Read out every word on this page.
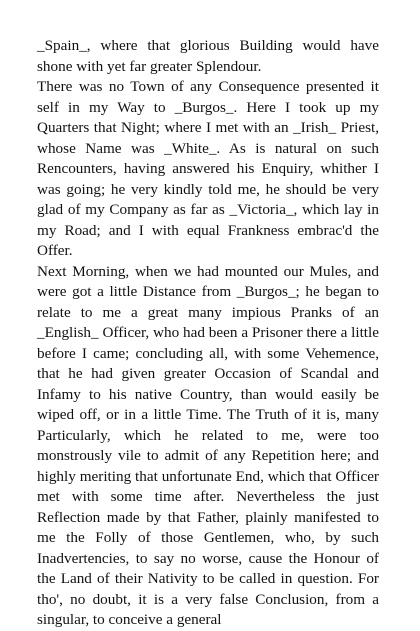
_Spain_, where that glorious Building would have shone with yet far greater Splendour.

There was no Town of any Consequence presented it self in my Way to _Burgos_. Here I took up my Quarters that Night; where I met with an _Irish_ Priest, whose Name was _White_. As is natural on such Rencounters, having answered his Enquiry, whither I was going; he very kindly told me, he should be very glad of my Company as far as _Victoria_, which lay in my Road; and I with equal Frankness embrac'd the Offer.

Next Morning, when we had mounted our Mules, and were got a little Distance from _Burgos_; he began to relate to me a great many impious Pranks of an _English_ Officer, who had been a Prisoner there a little before I came; concluding all, with some Vehemence, that he had given greater Occasion of Scandal and Infamy to his native Country, than would easily be wiped off, or in a little Time. The Truth of it is, many Particularly, which he related to me, were too monstrously vile to admit of any Repetition here; and highly meriting that unfortunate End, which that Officer met with some time after. Nevertheless the just Reflection made by that Father, plainly manifested to me the Folly of those Gentlemen, who, by such Inadvertencies, to say no worse, cause the Honour of the Land of their Nativity to be called in question. For tho', no doubt, it is a very false Conclusion, from a singular, to conceive a general
